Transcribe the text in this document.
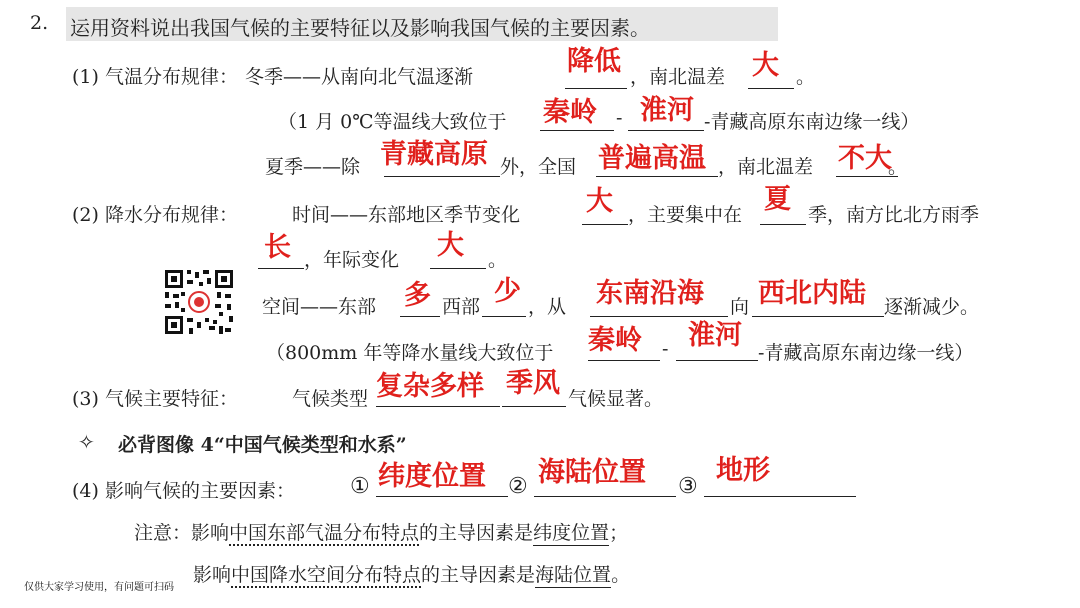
2. 运用资料说出我国气候的主要特征以及影响我国气候的主要因素。
(1) 气温分布规律： 冬季——从南向北气温逐渐	降低 ，南北温差 大 。
（1 月 0℃等温线大致位于 秦岭 - 淮河 -青藏高原东南边缘一线）
夏季——除 青藏高原 外，全国 普遍高温 ，南北温差 不大
。
(2) 降水分布规律：	时间——东部地区季节变化 大 ，主要集中在 夏 季，南方比北方雨季
长 ，年际变化 大 。
空间——东部 多 西部 少 ，从 东南沿海 向 西北内陆 逐渐减少。
（800mm 年等降水量线大致位于 秦岭 - 淮河
-青藏高原东南边缘一线）
(3) 气候主要特征：	气候类型 复杂多样 季风 气候显著。
✧ 必背图像 4“中国气候类型和水系”
(4) 影响气候的主要因素：	① 纬度位置 ② 海陆位置 ③
地形
注意：影响中国东部气温分布特点的主导因素是纬度位置；
影响中国降水空间分布特点的主导因素是海陆位置。
仅供大家学习使用，有问题可扫码
